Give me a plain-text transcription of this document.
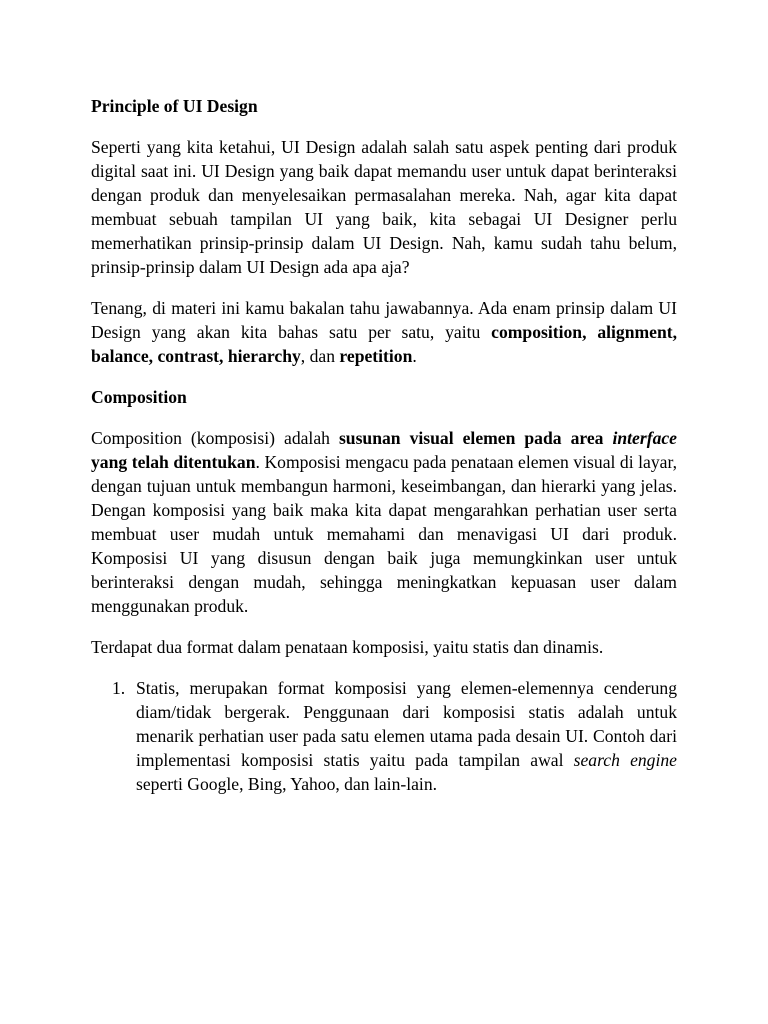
Principle of UI Design

Seperti yang kita ketahui, UI Design adalah salah satu aspek penting dari produk digital saat ini. UI Design yang baik dapat memandu user untuk dapat berinteraksi dengan produk dan menyelesaikan permasalahan mereka. Nah, agar kita dapat membuat sebuah tampilan UI yang baik, kita sebagai UI Designer perlu memerhatikan prinsip-prinsip dalam UI Design. Nah, kamu sudah tahu belum, prinsip-prinsip dalam UI Design ada apa aja?

Tenang, di materi ini kamu bakalan tahu jawabannya. Ada enam prinsip dalam UI Design yang akan kita bahas satu per satu, yaitu composition, alignment, balance, contrast, hierarchy, dan repetition.

Composition

Composition (komposisi) adalah susunan visual elemen pada area interface yang telah ditentukan. Komposisi mengacu pada penataan elemen visual di layar, dengan tujuan untuk membangun harmoni, keseimbangan, dan hierarki yang jelas. Dengan komposisi yang baik maka kita dapat mengarahkan perhatian user serta membuat user mudah untuk memahami dan menavigasi UI dari produk. Komposisi UI yang disusun dengan baik juga memungkinkan user untuk berinteraksi dengan mudah, sehingga meningkatkan kepuasan user dalam menggunakan produk.

Terdapat dua format dalam penataan komposisi, yaitu statis dan dinamis.

1. Statis, merupakan format komposisi yang elemen-elemennya cenderung diam/tidak bergerak. Penggunaan dari komposisi statis adalah untuk menarik perhatian user pada satu elemen utama pada desain UI. Contoh dari implementasi komposisi statis yaitu pada tampilan awal search engine seperti Google, Bing, Yahoo, dan lain-lain.
